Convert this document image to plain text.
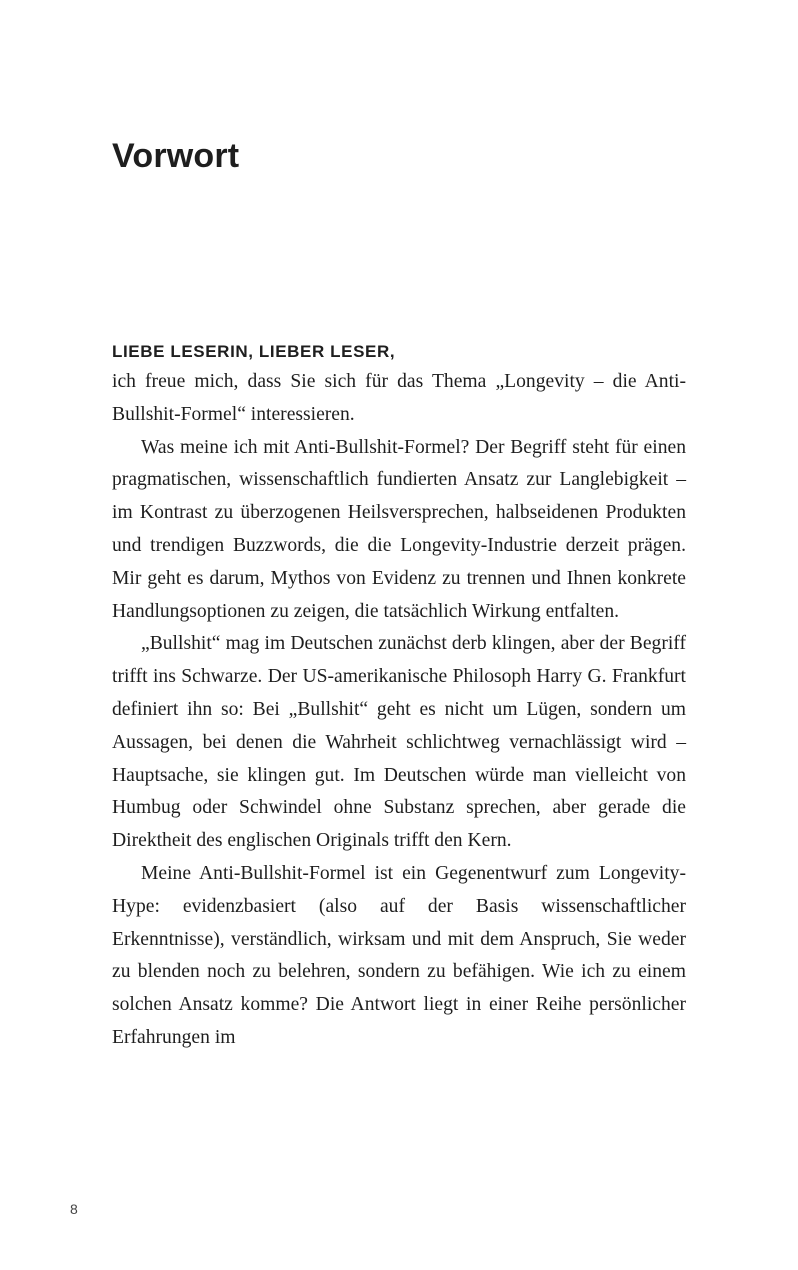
Vorwort
LIEBE LESERIN, LIEBER LESER,

ich freue mich, dass Sie sich für das Thema „Longevity – die Anti-Bullshit-Formel“ interessieren.

Was meine ich mit Anti-Bullshit-Formel? Der Begriff steht für einen pragmatischen, wissenschaftlich fundierten Ansatz zur Langlebigkeit – im Kontrast zu überzogenen Heilsversprechen, halbseidenen Produkten und trendigen Buzzwords, die die Longevity-Industrie derzeit prägen. Mir geht es darum, Mythos von Evidenz zu trennen und Ihnen konkrete Handlungsoptionen zu zeigen, die tatsächlich Wirkung entfalten.

„Bullshit“ mag im Deutschen zunächst derb klingen, aber der Begriff trifft ins Schwarze. Der US-amerikanische Philosoph Harry G. Frankfurt definiert ihn so: Bei „Bullshit“ geht es nicht um Lügen, sondern um Aussagen, bei denen die Wahrheit schlichtweg vernachlässigt wird – Hauptsache, sie klingen gut. Im Deutschen würde man vielleicht von Humbug oder Schwindel ohne Substanz sprechen, aber gerade die Direktheit des englischen Originals trifft den Kern.

Meine Anti-Bullshit-Formel ist ein Gegenentwurf zum Longevity-Hype: evidenzbasiert (also auf der Basis wissenschaftlicher Erkenntnisse), verständlich, wirksam und mit dem Anspruch, Sie weder zu blenden noch zu belehren, sondern zu befähigen. Wie ich zu einem solchen Ansatz komme? Die Antwort liegt in einer Reihe persönlicher Erfahrungen im

8
